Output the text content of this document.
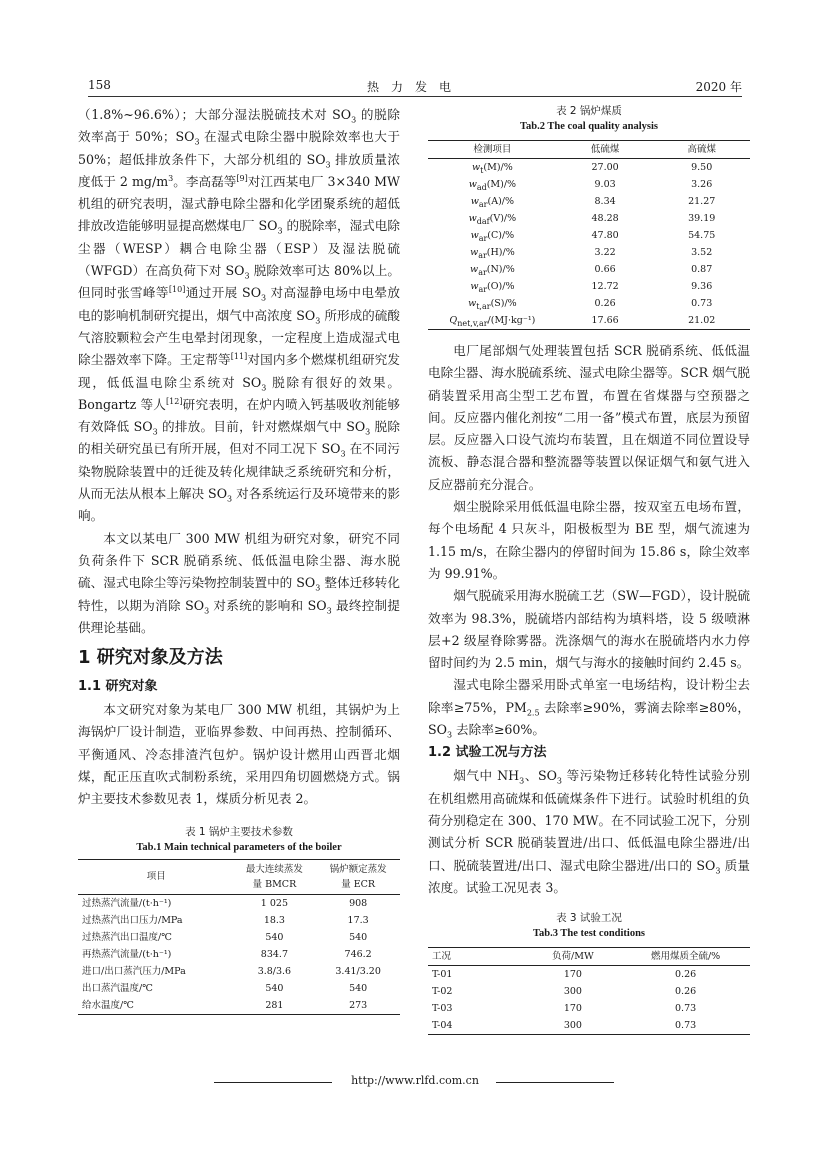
158	热力发电	2020 年

（1.8%~96.6%）；大部分湿法脱硫技术对 $SO_3$ 的脱除效率高于 50%；$SO_3$ 在湿式电除尘器中脱除效率也大于 50%；超低排放条件下，大部分机组的 $SO_3$ 排放质量浓度低于 2 $mg/m^3$。李高磊等[9]对江西某电厂 3×340 MW 机组的研究表明，湿式静电除尘器和化学团聚系统的超低排放改造能够明显提高燃煤电厂 $SO_3$ 的脱除率，湿式电除尘器（WESP）耦合电除尘器（ESP）及湿法脱硫（WFGD）在高负荷下对 $SO_3$ 脱除效率可达 80%以上。但同时张雪峰等[10]通过开展 $SO_3$ 对高湿静电场中电晕放电的影响机制研究提出，烟气中高浓度 $SO_3$ 所形成的硫酸气溶胶颗粒会产生电晕封闭现象，一定程度上造成湿式电除尘器效率下降。王定帮等[11]对国内多个燃煤机组研究发现，低低温电除尘系统对 $SO_3$ 脱除有很好的效果。Bongartz 等人[12]研究表明，在炉内喷入钙基吸收剂能够有效降低 $SO_3$ 的排放。目前，针对燃煤烟气中 $SO_3$ 脱除的相关研究虽已有所开展，但对不同工况下 $SO_3$ 在不同污染物脱除装置中的迁徙及转化规律缺乏系统研究和分析，从而无法从根本上解决 $SO_3$ 对各系统运行及环境带来的影响。

本文以某电厂 300 MW 机组为研究对象，研究不同负荷条件下 SCR 脱硝系统、低低温电除尘器、海水脱硫、湿式电除尘等污染物控制装置中的 $SO_3$ 整体迁移转化特性，以期为消除 $SO_3$ 对系统的影响和 $SO_3$ 最终控制提供理论基础。

1 研究对象及方法
1.1 研究对象

本文研究对象为某电厂 300 MW 机组，其锅炉为上海锅炉厂设计制造，亚临界参数、中间再热、控制循环、平衡通风、冷态排渣汽包炉。锅炉设计燃用山西晋北烟煤，配正压直吹式制粉系统，采用四角切圆燃烧方式。锅炉主要技术参数见表 1，煤质分析见表 2。

表 1 锅炉主要技术参数
Tab.1 Main technical parameters of the boiler
项目	最大连续蒸发量 BMCR	锅炉额定蒸发量 ECR
过热蒸汽流量/(t·h⁻¹)	1 025	908
过热蒸汽出口压力/MPa	18.3	17.3
过热蒸汽出口温度/℃	540	540
再热蒸汽流量/(t·h⁻¹)	834.7	746.2
进口/出口蒸汽压力/MPa	3.8/3.6	3.41/3.20
出口蒸汽温度/℃	540	540
给水温度/℃	281	273
表 2 锅炉煤质
Tab.2 The coal quality analysis
检测项目	低硫煤	高硫煤
$w_t(M)/\%$	27.00	9.50
$w_{ad}(M)/\%$	9.03	3.26
$w_{ar}(A)/\%$	8.34	21.27
$w_{daf}(V)/\%$	48.28	39.19
$w_{ar}(C)/\%$	47.80	54.75
$w_{ar}(H)/\%$	3.22	3.52
$w_{ar}(N)/\%$	0.66	0.87
$w_{ar}(O)/\%$	12.72	9.36
$w_{t,ar}(S)/\%$	0.26	0.73
$Q_{net,v,ar}/(MJ\cdot kg^{-1})$	17.66	21.02

电厂尾部烟气处理装置包括 SCR 脱硝系统、低低温电除尘器、海水脱硫系统、湿式电除尘器等。SCR 烟气脱硝装置采用高尘型工艺布置，布置在省煤器与空预器之间。反应器内催化剂按“二用一备”模式布置，底层为预留层。反应器入口设气流均布装置，且在烟道不同位置设导流板、静态混合器和整流器等装置以保证烟气和氨气进入反应器前充分混合。

烟尘脱除采用低低温电除尘器，按双室五电场布置，每个电场配 4 只灰斗，阳极板型为 BE 型，烟气流速为 1.15 m/s，在除尘器内的停留时间为 15.86 s，除尘效率为 99.91%。

烟气脱硫采用海水脱硫工艺（SW—FGD），设计脱硫效率为 98.3%，脱硫塔内部结构为填料塔，设 5 级喷淋层+2 级屋脊除雾器。洗涤烟气的海水在脱硫塔内水力停留时间约为 2.5 min，烟气与海水的接触时间约 2.45 s。

湿式电除尘器采用卧式单室一电场结构，设计粉尘去除率≥75%，$PM_{2.5}$ 去除率≥90%，雾滴去除率≥80%，$SO_3$ 去除率≥60%。

1.2 试验工况与方法

烟气中 $NH_3$、$SO_3$ 等污染物迁移转化特性试验分别在机组燃用高硫煤和低硫煤条件下进行。试验时机组的负荷分别稳定在 300、170 MW。在不同试验工况下，分别测试分析 SCR 脱硝装置进/出口、低低温电除尘器进/出口、脱硫装置进/出口、湿式电除尘器进/出口的 $SO_3$ 质量浓度。试验工况见表 3。

表 3 试验工况
Tab.3 The test conditions
工况	负荷/MW	燃用煤质全硫/%
T-01	170	0.26
T-02	300	0.26
T-03	170	0.73
T-04	300	0.73
http://www.rlfd.com.cn
